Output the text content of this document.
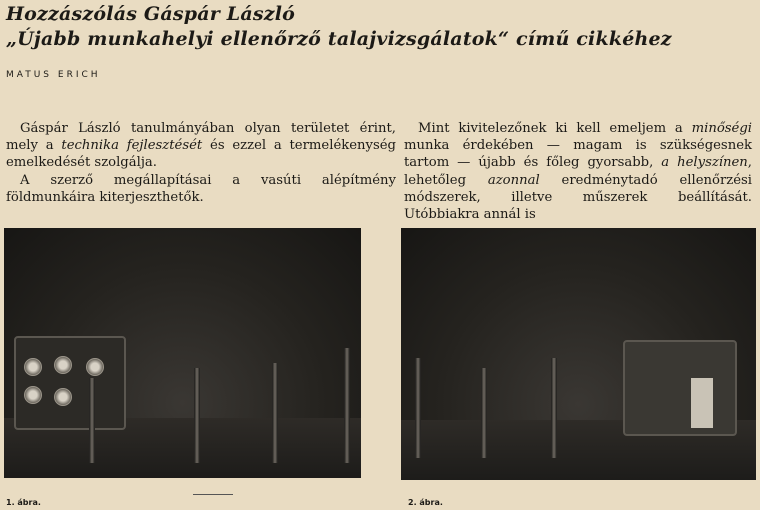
Hozzászólás Gáspár László
„Újabb munkahelyi ellenőrző talajvizsgálatok“ című cikkéhez
MATUS ERICH

Gáspár László tanulmányában olyan területet érint, mely a technika fejlesztését és ezzel a termelékenység emelkedését szolgálja.

A szerző megállapításai a vasúti alépítmény földmunkáira kiterjeszthetők.

Mint kivitelezőnek ki kell emeljem a minőségi munka érdekében — magam is szükségesnek tartom — újabb és főleg gyorsabb, a helyszínen, lehetőleg azonnal eredménytadó ellenőrzési módszerek, illetve műszerek beállítását. Utóbbiakra annál is

1. ábra.	2. ábra.
